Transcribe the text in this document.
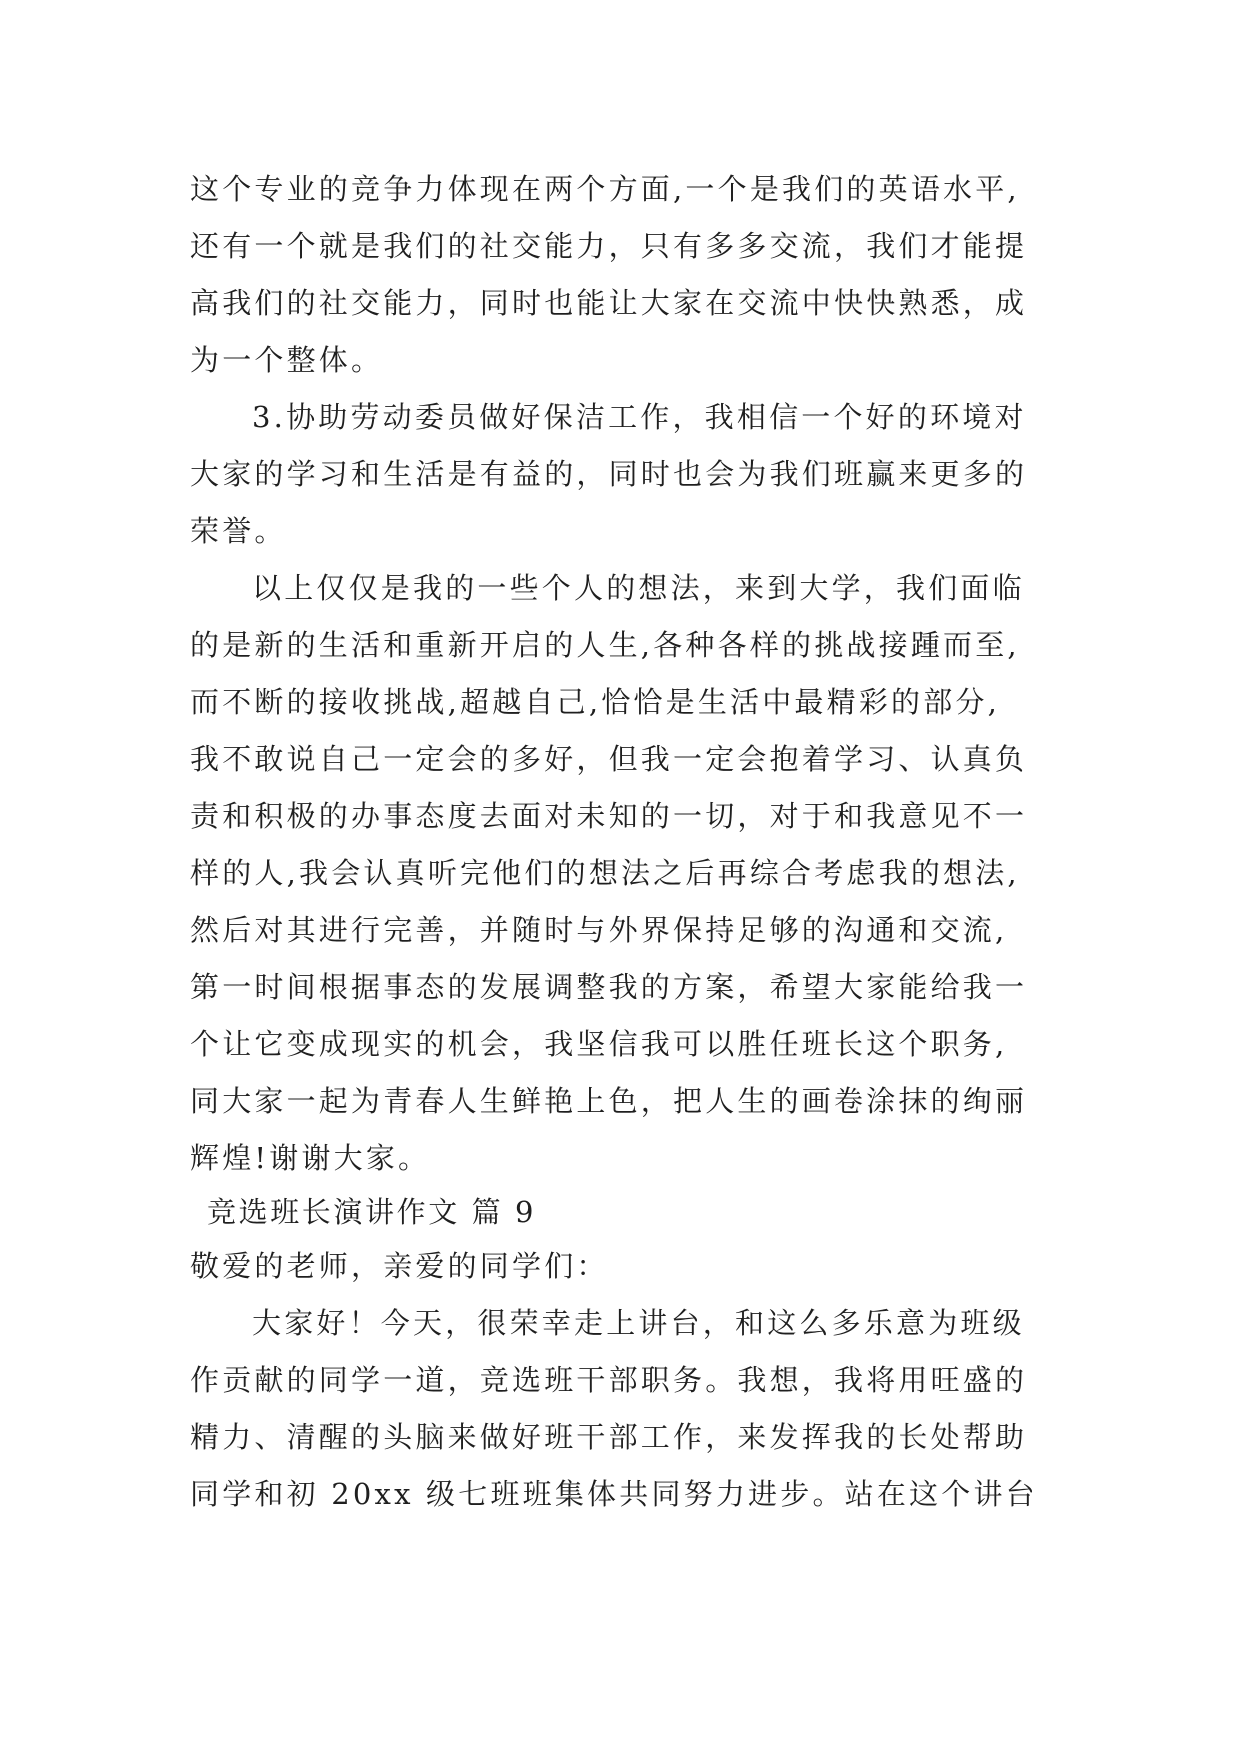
这个专业的竞争力体现在两个方面,一个是我们的英语水平,
还有一个就是我们的社交能力，只有多多交流，我们才能提
高我们的社交能力，同时也能让大家在交流中快快熟悉，成
为一个整体。
3.协助劳动委员做好保洁工作，我相信一个好的环境对
大家的学习和生活是有益的，同时也会为我们班赢来更多的
荣誉。
以上仅仅是我的一些个人的想法，来到大学，我们面临
的是新的生活和重新开启的人生,各种各样的挑战接踵而至,
而不断的接收挑战,超越自己,恰恰是生活中最精彩的部分,
我不敢说自己一定会的多好，但我一定会抱着学习、认真负
责和积极的办事态度去面对未知的一切，对于和我意见不一
样的人,我会认真听完他们的想法之后再综合考虑我的想法,
然后对其进行完善，并随时与外界保持足够的沟通和交流,
第一时间根据事态的发展调整我的方案，希望大家能给我一
个让它变成现实的机会，我坚信我可以胜任班长这个职务,
同大家一起为青春人生鲜艳上色，把人生的画卷涂抹的绚丽
辉煌!谢谢大家。
竞选班长演讲作文 篇 9
敬爱的老师，亲爱的同学们：
大家好！今天，很荣幸走上讲台，和这么多乐意为班级
作贡献的同学一道，竞选班干部职务。我想，我将用旺盛的
精力、清醒的头脑来做好班干部工作，来发挥我的长处帮助
同学和初 20xx 级七班班集体共同努力进步。站在这个讲台
